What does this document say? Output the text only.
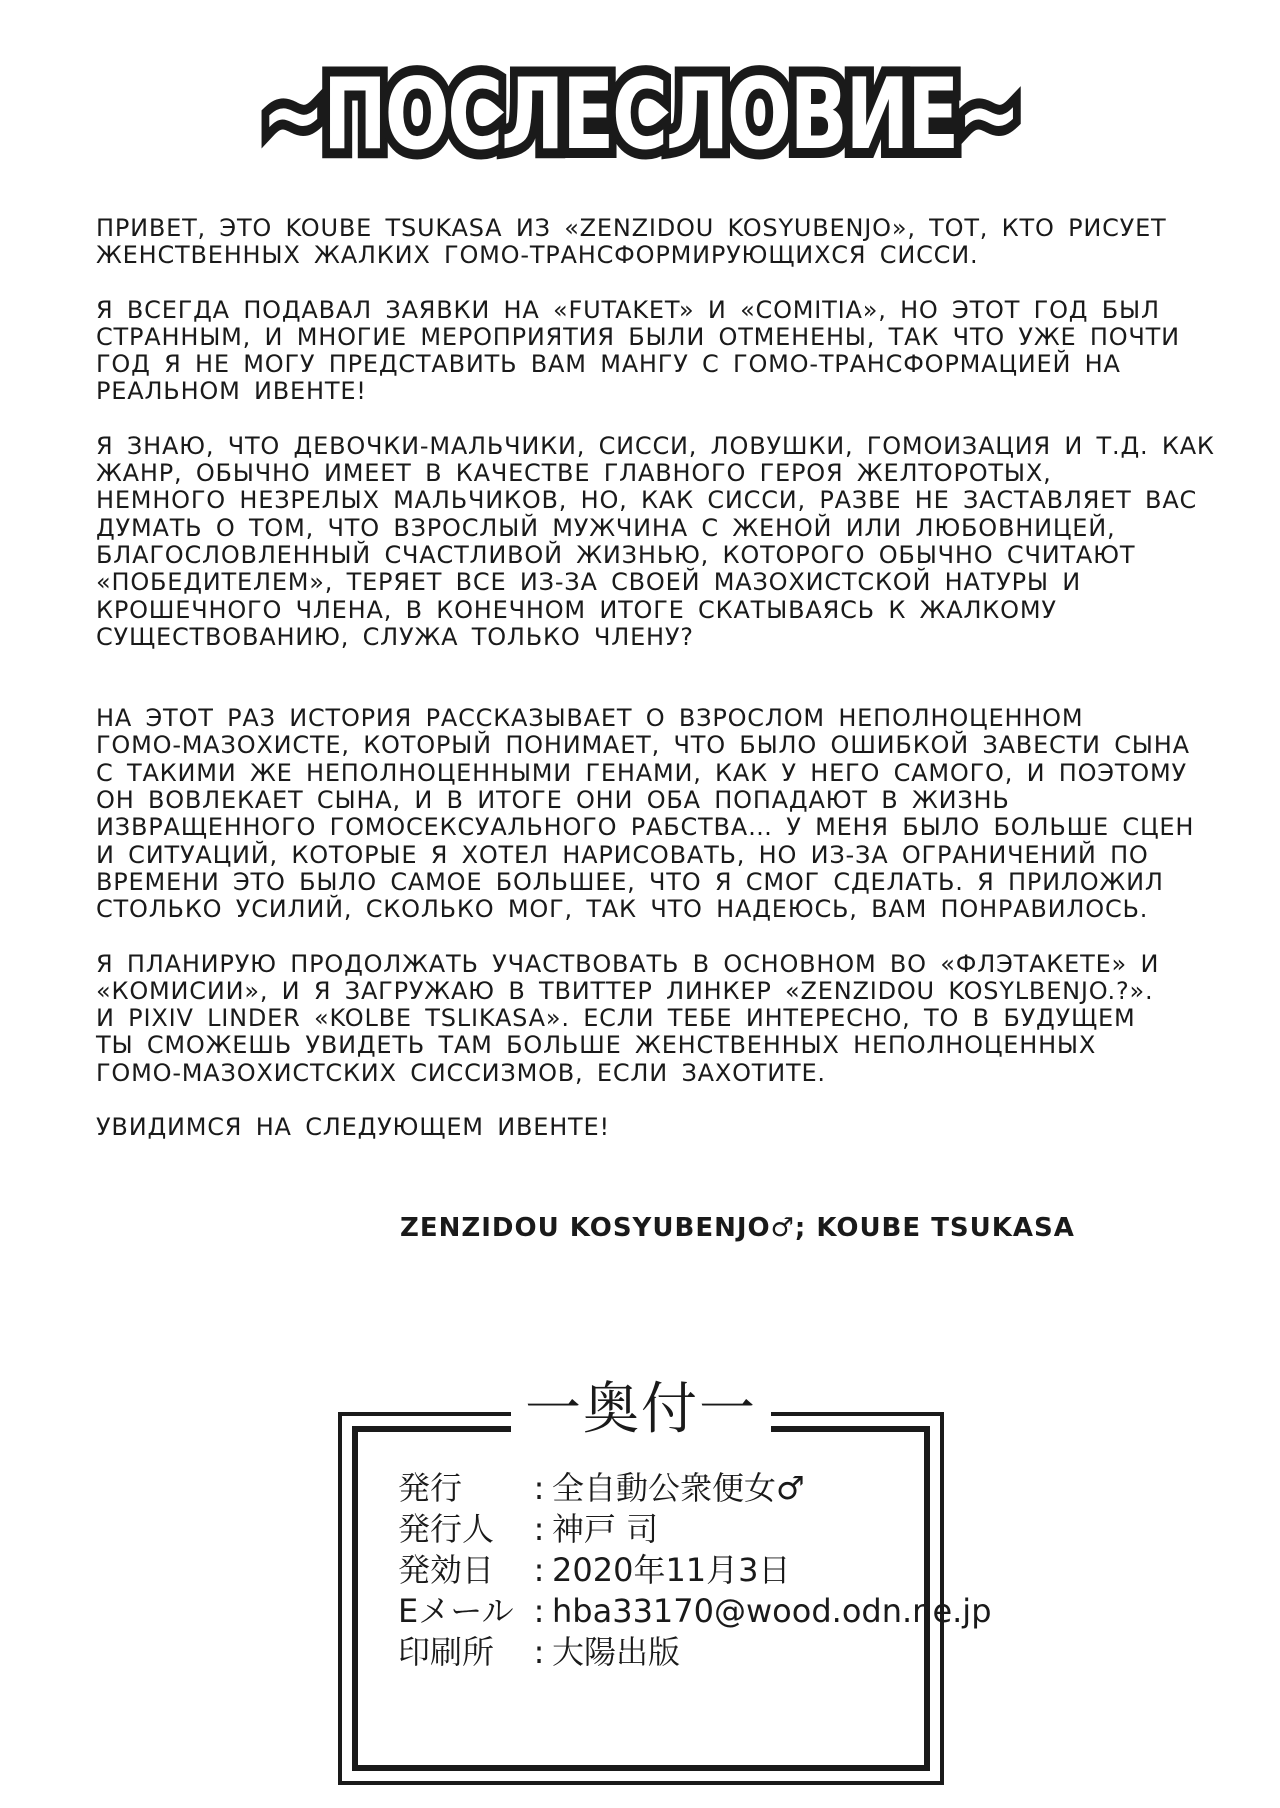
~ПОСЛЕСЛОВИЕ~
ПРИВЕТ, ЭТО KOUBE TSUKASA ИЗ «ZENZIDOU KOSYUBENJO», ТОТ, КТО РИСУЕТ
ЖЕНСТВЕННЫХ ЖАЛКИХ ГОМО-ТРАНСФОРМИРУЮЩИХСЯ СИССИ.
Я ВСЕГДА ПОДАВАЛ ЗАЯВКИ НА «FUTAKET» И «COMITIA», НО ЭТОТ ГОД БЫЛ
СТРАННЫМ, И МНОГИЕ МЕРОПРИЯТИЯ БЫЛИ ОТМЕНЕНЫ, ТАК ЧТО УЖЕ ПОЧТИ
ГОД Я НЕ МОГУ ПРЕДСТАВИТЬ ВАМ МАНГУ С ГОМО-ТРАНСФОРМАЦИЕЙ НА
РЕАЛЬНОМ ИВЕНТЕ!
Я ЗНАЮ, ЧТО ДЕВОЧКИ-МАЛЬЧИКИ, СИССИ, ЛОВУШКИ, ГОМОИЗАЦИЯ И Т.Д. КАК
ЖАНР, ОБЫЧНО ИМЕЕТ В КАЧЕСТВЕ ГЛАВНОГО ГЕРОЯ ЖЕЛТОРОТЫХ,
НЕМНОГО НЕЗРЕЛЫХ МАЛЬЧИКОВ, НО, КАК СИССИ, РАЗВЕ НЕ ЗАСТАВЛЯЕТ ВАС
ДУМАТЬ О ТОМ, ЧТО ВЗРОСЛЫЙ МУЖЧИНА С ЖЕНОЙ ИЛИ ЛЮБОВНИЦЕЙ,
БЛАГОСЛОВЛЕННЫЙ СЧАСТЛИВОЙ ЖИЗНЬЮ, КОТОРОГО ОБЫЧНО СЧИТАЮТ
«ПОБЕДИТЕЛЕМ», ТЕРЯЕТ ВСЕ ИЗ-ЗА СВОЕЙ МАЗОХИСТСКОЙ НАТУРЫ И
КРОШЕЧНОГО ЧЛЕНА, В КОНЕЧНОМ ИТОГЕ СКАТЫВАЯСЬ К ЖАЛКОМУ
СУЩЕСТВОВАНИЮ, СЛУЖА ТОЛЬКО ЧЛЕНУ?
НА ЭТОТ РАЗ ИСТОРИЯ РАССКАЗЫВАЕТ О ВЗРОСЛОМ НЕПОЛНОЦЕННОМ
ГОМО-МАЗОХИСТЕ, КОТОРЫЙ ПОНИМАЕТ, ЧТО БЫЛО ОШИБКОЙ ЗАВЕСТИ СЫНА
С ТАКИМИ ЖЕ НЕПОЛНОЦЕННЫМИ ГЕНАМИ, КАК У НЕГО САМОГО, И ПОЭТОМУ
ОН ВОВЛЕКАЕТ СЫНА, И В ИТОГЕ ОНИ ОБА ПОПАДАЮТ В ЖИЗНЬ
ИЗВРАЩЕННОГО ГОМОСЕКСУАЛЬНОГО РАБСТВА… У МЕНЯ БЫЛО БОЛЬШЕ СЦЕН
И СИТУАЦИЙ, КОТОРЫЕ Я ХОТЕЛ НАРИСОВАТЬ, НО ИЗ-ЗА ОГРАНИЧЕНИЙ ПО
ВРЕМЕНИ ЭТО БЫЛО САМОЕ БОЛЬШЕЕ, ЧТО Я СМОГ СДЕЛАТЬ. Я ПРИЛОЖИЛ
СТОЛЬКО УСИЛИЙ, СКОЛЬКО МОГ, ТАК ЧТО НАДЕЮСЬ, ВАМ ПОНРАВИЛОСЬ.
Я ПЛАНИРУЮ ПРОДОЛЖАТЬ УЧАСТВОВАТЬ В ОСНОВНОМ ВО «ФЛЭТАКЕТЕ» И
«КОМИСИИ», И Я ЗАГРУЖАЮ В ТВИТТЕР ЛИНКЕР «ZENZIDOU KOSYLBENJO.?».
И PIXIV LINDER «KOLBE TSLIKASA». ЕСЛИ ТЕБЕ ИНТЕРЕСНО, ТО В БУДУЩЕМ
ТЫ СМОЖЕШЬ УВИДЕТЬ ТАМ БОЛЬШЕ ЖЕНСТВЕННЫХ НЕПОЛНОЦЕННЫХ
ГОМО-МАЗОХИСТСКИХ СИССИЗМОВ, ЕСЛИ ЗАХОТИТЕ.
УВИДИМСЯ НА СЛЕДУЮЩЕМ ИВЕНТЕ!
ZENZIDOU KOSYUBENJO♂; KOUBE TSUKASA
一奥付一
発行	: 全自動公衆便女♂
発行人	: 神戸 司
発効日	: 2020年11月3日
Eメール : hba33170@wood.odn.ne.jp
印刷所	: 大陽出版
